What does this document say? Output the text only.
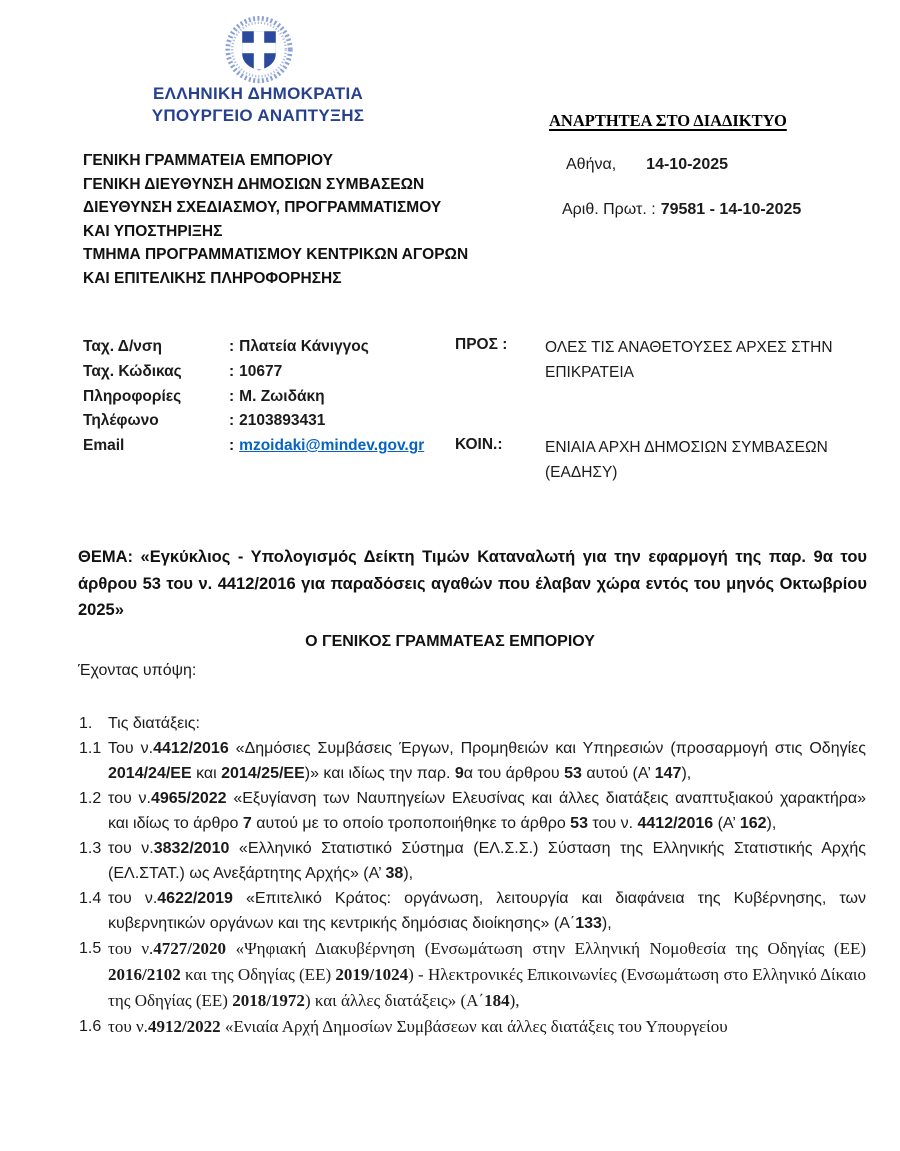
ΕΛΛΗΝΙΚΗ ΔΗΜΟΚΡΑΤΙΑ
ΥΠΟΥΡΓΕΙΟ ΑΝΑΠΤΥΞΗΣ	ΑΝΑΡΤΗΤΕΑ ΣΤΟ ΔΙΑΔΙΚΤΥΟ
Αθήνα, 14-10-2025
Αριθ. Πρωτ. : 79581 - 14-10-2025
ΓΕΝΙΚΗ ΓΡΑΜΜΑΤΕΙΑ ΕΜΠΟΡΙΟΥ
ΓΕΝΙΚΗ ΔΙΕΥΘΥΝΣΗ ΔΗΜΟΣΙΩΝ ΣΥΜΒΑΣΕΩΝ
ΔΙΕΥΘΥΝΣΗ ΣΧΕΔΙΑΣΜΟΥ, ΠΡΟΓΡΑΜΜΑΤΙΣΜΟΥ
ΚΑΙ ΥΠΟΣΤΗΡΙΞΗΣ
ΤΜΗΜΑ ΠΡΟΓΡΑΜΜΑΤΙΣΜΟΥ ΚΕΝΤΡΙΚΩΝ ΑΓΟΡΩΝ
ΚΑΙ ΕΠΙΤΕΛΙΚΗΣ ΠΛΗΡΟΦΟΡΗΣΗΣ
Ταχ. Δ/νση	: Πλατεία Κάνιγγος
Ταχ. Κώδικας	: 10677
Πληροφορίες	: Μ. Ζωιδάκη
Τηλέφωνο	: 2103893431
Email	: mzoidaki@mindev.gov.gr
ΠΡΟΣ : ΟΛΕΣ ΤΙΣ ΑΝΑΘΕΤΟΥΣΕΣ ΑΡΧΕΣ ΣΤΗΝ ΕΠΙΚΡΑΤΕΙΑ
ΚΟΙΝ.:	ΕΝΙΑΙΑ ΑΡΧΗ ΔΗΜΟΣΙΩΝ ΣΥΜΒΑΣΕΩΝ (ΕΑΔΗΣΥ)
ΘΕΜΑ: «Εγκύκλιος - Υπολογισμός Δείκτη Τιμών Καταναλωτή για την εφαρμογή της παρ. 9α του άρθρου 53 του ν. 4412/2016 για παραδόσεις αγαθών που έλαβαν χώρα εντός του μηνός Οκτωβρίου 2025»
Ο ΓΕΝΙΚΟΣ ΓΡΑΜΜΑΤΕΑΣ ΕΜΠΟΡΙΟΥ
Έχοντας υπόψη:
1. Τις διατάξεις:
1.1 Του ν.4412/2016 «Δημόσιες Συμβάσεις Έργων, Προμηθειών και Υπηρεσιών (προσαρμογή στις Οδηγίες 2014/24/ΕΕ και 2014/25/ΕΕ)» και ιδίως την παρ. 9α του άρθρου 53 αυτού (Α’ 147),
1.2 του ν.4965/2022 «Εξυγίανση των Ναυπηγείων Ελευσίνας και άλλες διατάξεις αναπτυξιακού χαρακτήρα» και ιδίως το άρθρο 7 αυτού με το οποίο τροποποιήθηκε το άρθρο 53 του ν. 4412/2016 (Α’ 162),
1.3 του ν.3832/2010 «Ελληνικό Στατιστικό Σύστημα (ΕΛ.Σ.Σ.) Σύσταση της Ελληνικής Στατιστικής Αρχής (ΕΛ.ΣΤΑΤ.) ως Ανεξάρτητης Αρχής» (Α’ 38),
1.4 του ν.4622/2019 «Επιτελικό Κράτος: οργάνωση, λειτουργία και διαφάνεια της Κυβέρνησης, των κυβερνητικών οργάνων και της κεντρικής δημόσιας διοίκησης» (Α΄133),
1.5 του ν.4727/2020 «Ψηφιακή Διακυβέρνηση (Ενσωμάτωση στην Ελληνική Νομοθεσία της Οδηγίας (ΕΕ) 2016/2102 και της Οδηγίας (ΕΕ) 2019/1024) - Ηλεκτρονικές Επικοινωνίες (Ενσωμάτωση στο Ελληνικό Δίκαιο της Οδηγίας (ΕΕ) 2018/1972) και άλλες διατάξεις» (Α΄184),
1.6 του ν.4912/2022 «Ενιαία Αρχή Δημοσίων Συμβάσεων και άλλες διατάξεις του Υπουργείου
